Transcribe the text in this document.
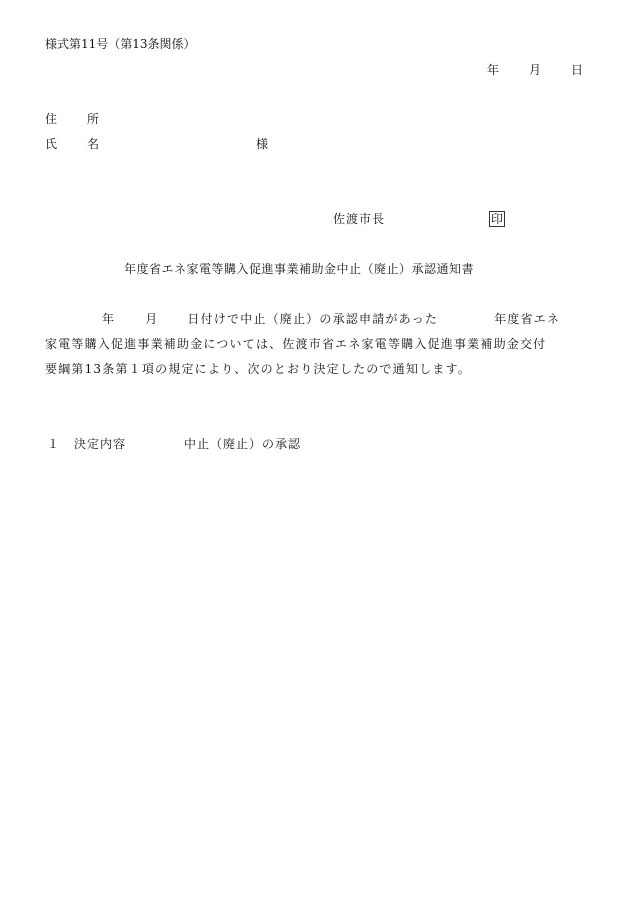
様式第11号（第13条関係）
年	月	日
住	所
氏	名	様
佐渡市長	印
年度省エネ家電等購入促進事業補助金中止（廃止）承認通知書
年	月 日付けで中止（廃止）の承認申請があった	年度省エネ
家電等購入促進事業補助金については、佐渡市省エネ家電等購入促進事業補助金交付
要綱第13条第１項の規定により、次のとおり決定したので通知します。
１ 決定内容	中止（廃止）の承認
